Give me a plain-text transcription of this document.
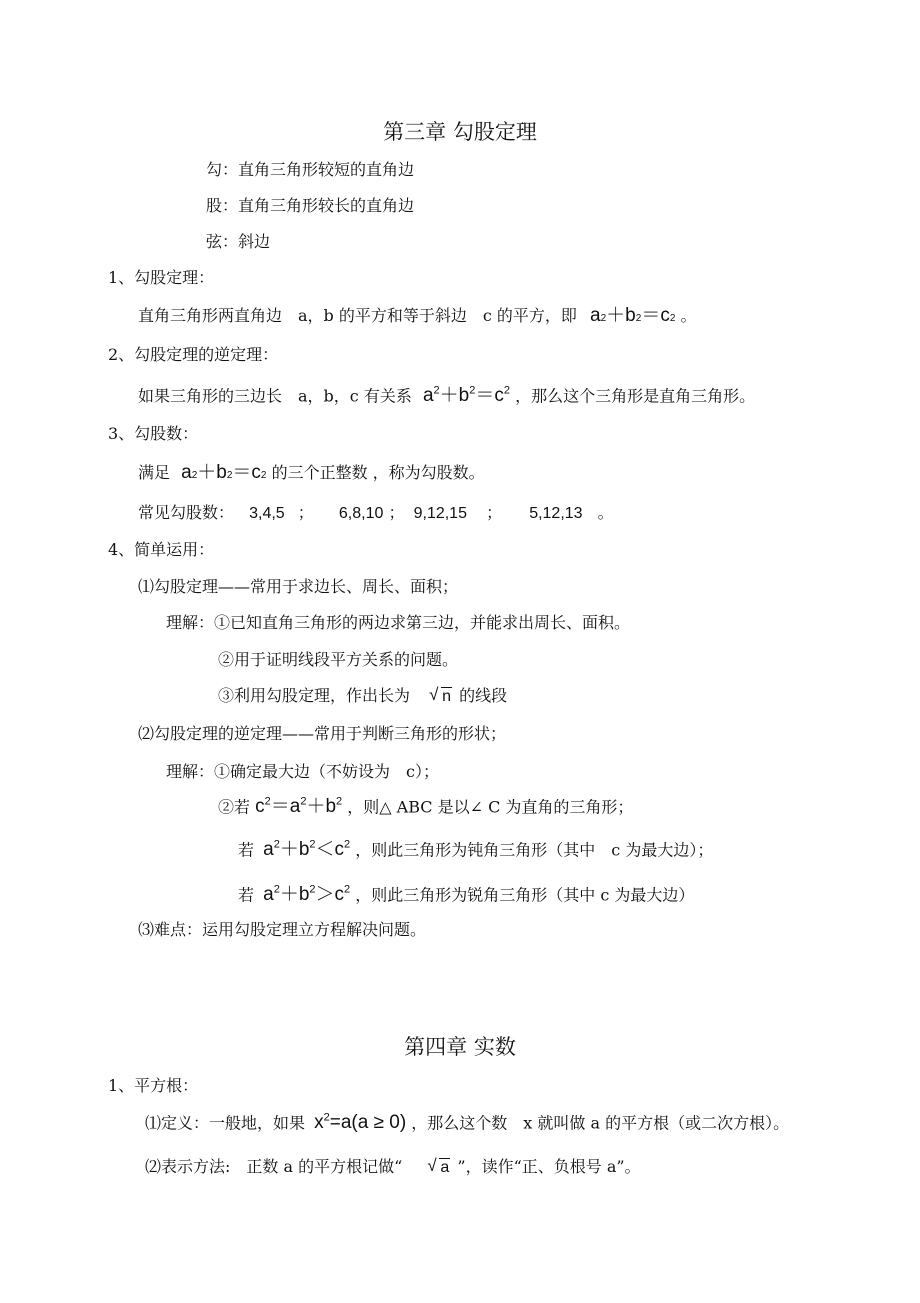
第三章 勾股定理
勾：直角三角形较短的直角边
股：直角三角形较长的直角边
弦：斜边
1、勾股定理：
直角三角形两直角边　a，b 的平方和等于斜边　c 的平方，即 a2＋b2＝c2 。
2、勾股定理的逆定理：
如果三角形的三边长　a，b，c 有关系 $a^2+b^2=c^2$ ，那么这个三角形是直角三角形。
3、勾股数：
满足 a2＋b2＝c2 的三个正整数 ，称为勾股数。
常见勾股数： 3,4,5 ； 6,8,10 ； 9,12,15 ； 5,12,13 。
4、简单运用：
⑴勾股定理——常用于求边长、周长、面积；
理解：①已知直角三角形的两边求第三边，并能求出周长、面积。
②用于证明线段平方关系的问题。
③利用勾股定理，作出长为 √ n 的线段
⑵勾股定理的逆定理——常用于判断三角形的形状；
理解：①确定最大边（不妨设为　c）；
②若 $c^2=a^2+b^2$ ，则△ ABC 是以∠ C 为直角的三角形；
若 $a^2+b^2<c^2$ ，则此三角形为钝角三角形（其中　c 为最大边）；
若 $a^2+b^2>c^2$ ，则此三角形为锐角三角形（其中 c 为最大边）
⑶难点：运用勾股定理立方程解决问题。
第四章 实数
1、平方根：
⑴定义：一般地，如果 $x^2=a(a \ge 0)$ ，那么这个数　x 就叫做 a 的平方根（或二次方根）。
⑵表示方法:　正数 a 的平方根记做“ √ a ”，读作“正、负根号 a”。
